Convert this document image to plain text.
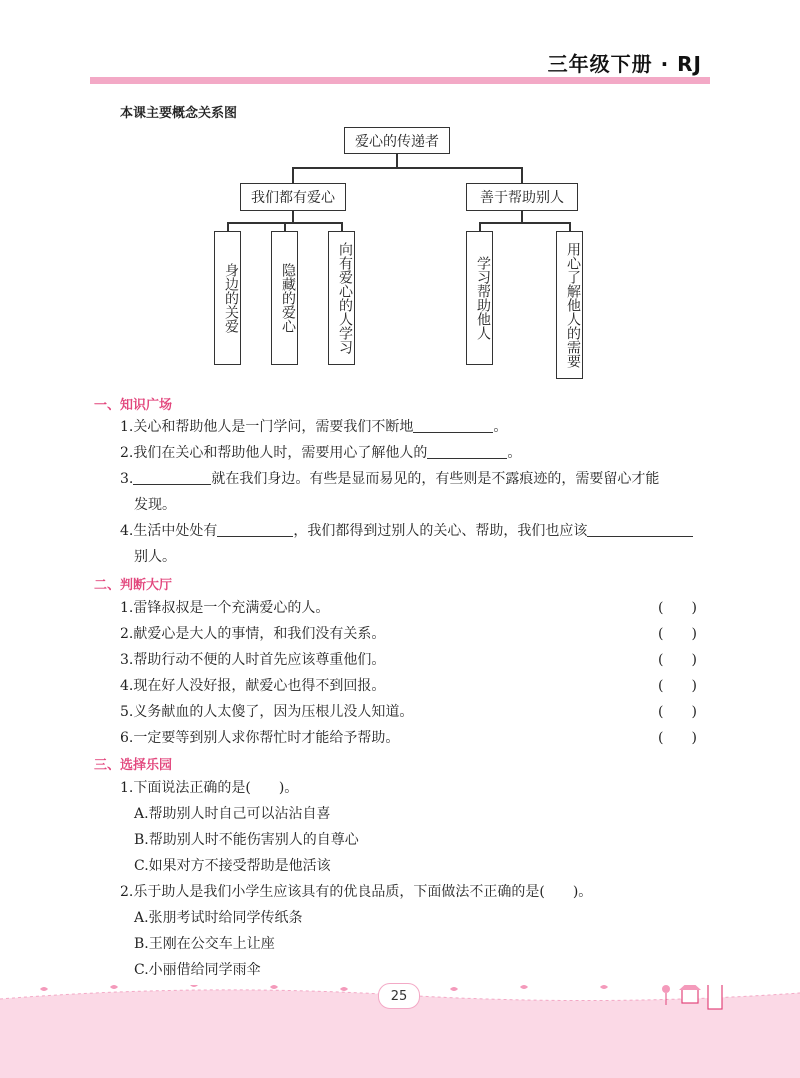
三年级下册 · RJ
本课主要概念关系图
爱心的传递者
我们都有爱心	善于帮助别人
身边的关爱	隐藏的爱心	向有爱心的人学习	学习帮助他人	用心了解他人的需要
一、知识广场
1.关心和帮助他人是一门学问，需要我们不断地	。
2.我们在关心和帮助他人时，需要用心了解他人的	。
3.	就在我们身边。有些是显而易见的，有些则是不露痕迹的，需要留心才能
发现。
4.生活中处处有	，我们都得到过别人的关心、帮助，我们也应该
别人。
二、判断大厅
1.雷锋叔叔是一个充满爱心的人。	(　　)
2.献爱心是大人的事情，和我们没有关系。	(　　)
3.帮助行动不便的人时首先应该尊重他们。	(　　)
4.现在好人没好报，献爱心也得不到回报。	(　　)
5.义务献血的人太傻了，因为压根儿没人知道。	(　　)
6.一定要等到别人求你帮忙时才能给予帮助。	(　　)
三、选择乐园
1.下面说法正确的是(　　)。
A.帮助别人时自己可以沾沾自喜
B.帮助别人时不能伤害别人的自尊心
C.如果对方不接受帮助是他活该
2.乐于助人是我们小学生应该具有的优良品质，下面做法不正确的是(　　)。
A.张朋考试时给同学传纸条
B.王刚在公交车上让座
C.小丽借给同学雨伞
25
